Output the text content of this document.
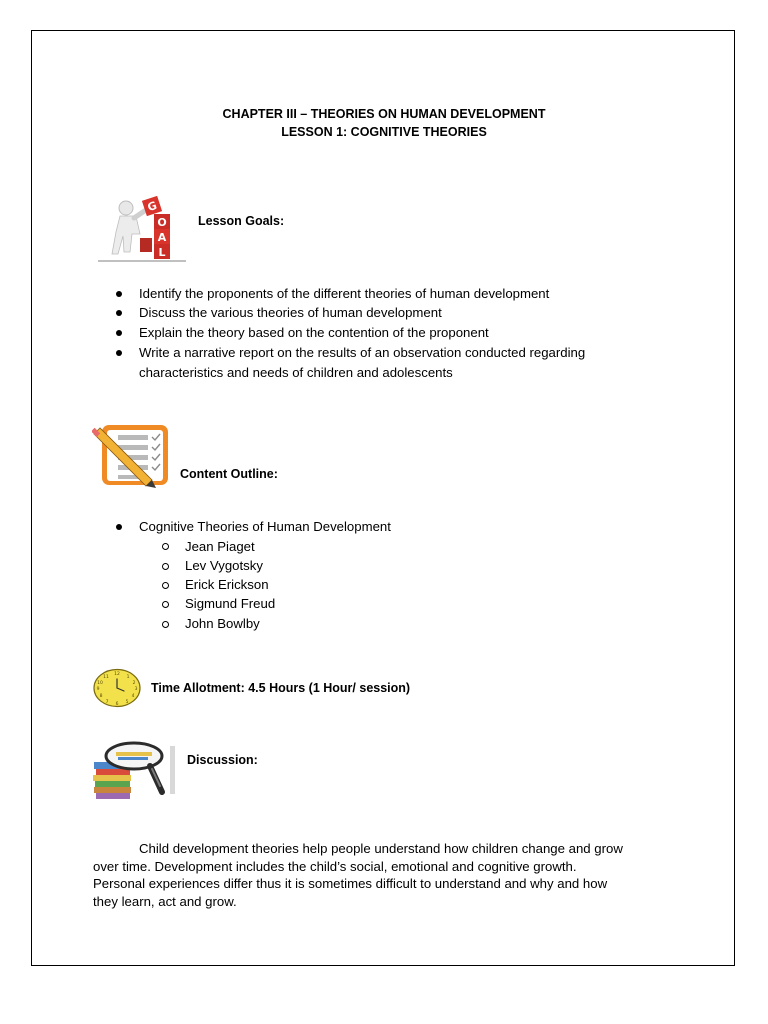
CHAPTER III – THEORIES ON HUMAN DEVELOPMENT
LESSON 1: COGNITIVE THEORIES
G
O
A
L
Lesson Goals:
Identify the proponents of the different theories of human development
Discuss the various theories of human development
Explain the theory based on the contention of the proponent
Write a narrative report on the results of an observation conducted regarding
characteristics and needs of children and adolescents
Content Outline:
Cognitive Theories of Human Development
Jean Piaget
Lev Vygotsky
Erick Erickson
Sigmund Freud
John Bowlby
12
1
2
3
4
5
6
7
8
9
10
11
Time Allotment: 4.5 Hours (1 Hour/ session)
Discussion:
Child development theories help people understand how children change and grow
over time. Development includes the child’s social, emotional and cognitive growth.
Personal experiences differ thus it is sometimes difficult to understand and why and how
they learn, act and grow.
